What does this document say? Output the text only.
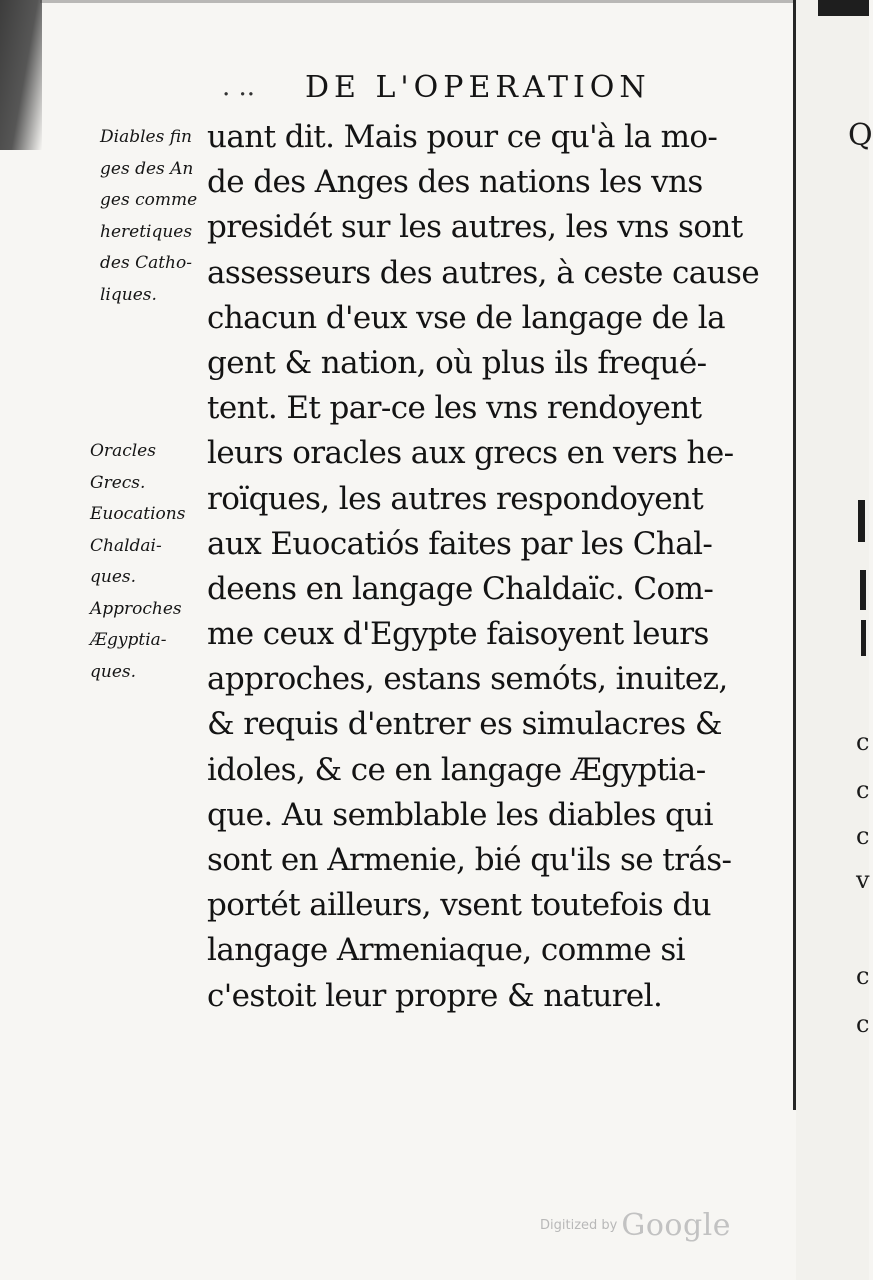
. .. DE L'OPERATION
Diables fin
ges des An
ges comme
heretiques
des Catho-
liques.
Oracles
Grecs.
Euocations
Chaldai-
ques.
Approches
Ægyptia-
ques.
uant dit. Mais pour ce qu'à la mo-
de des Anges des nations les vns
presidét sur les autres, les vns sont
assesseurs des autres, à ceste cause
chacun d'eux vse de langage de la
gent & nation, où plus ils frequé-
tent. Et par-ce les vns rendoyent
leurs oracles aux grecs en vers he-
roïques, les autres respondoyent
aux Euocatiós faites par les Chal-
deens en langage Chaldaïc. Com-
me ceux d'Egypte faisoyent leurs
approches, estans semóts, inuitez,
& requis d'entrer es simulacres &
idoles, & ce en langage Ægyptia-
que. Au semblable les diables qui
sont en Armenie, bié qu'ils se trás-
portét ailleurs, vsent toutefois du
langage Armeniaque, comme si
c'estoit leur propre & naturel.
Q
c
c
c
v
c
c
Digitized by Google
